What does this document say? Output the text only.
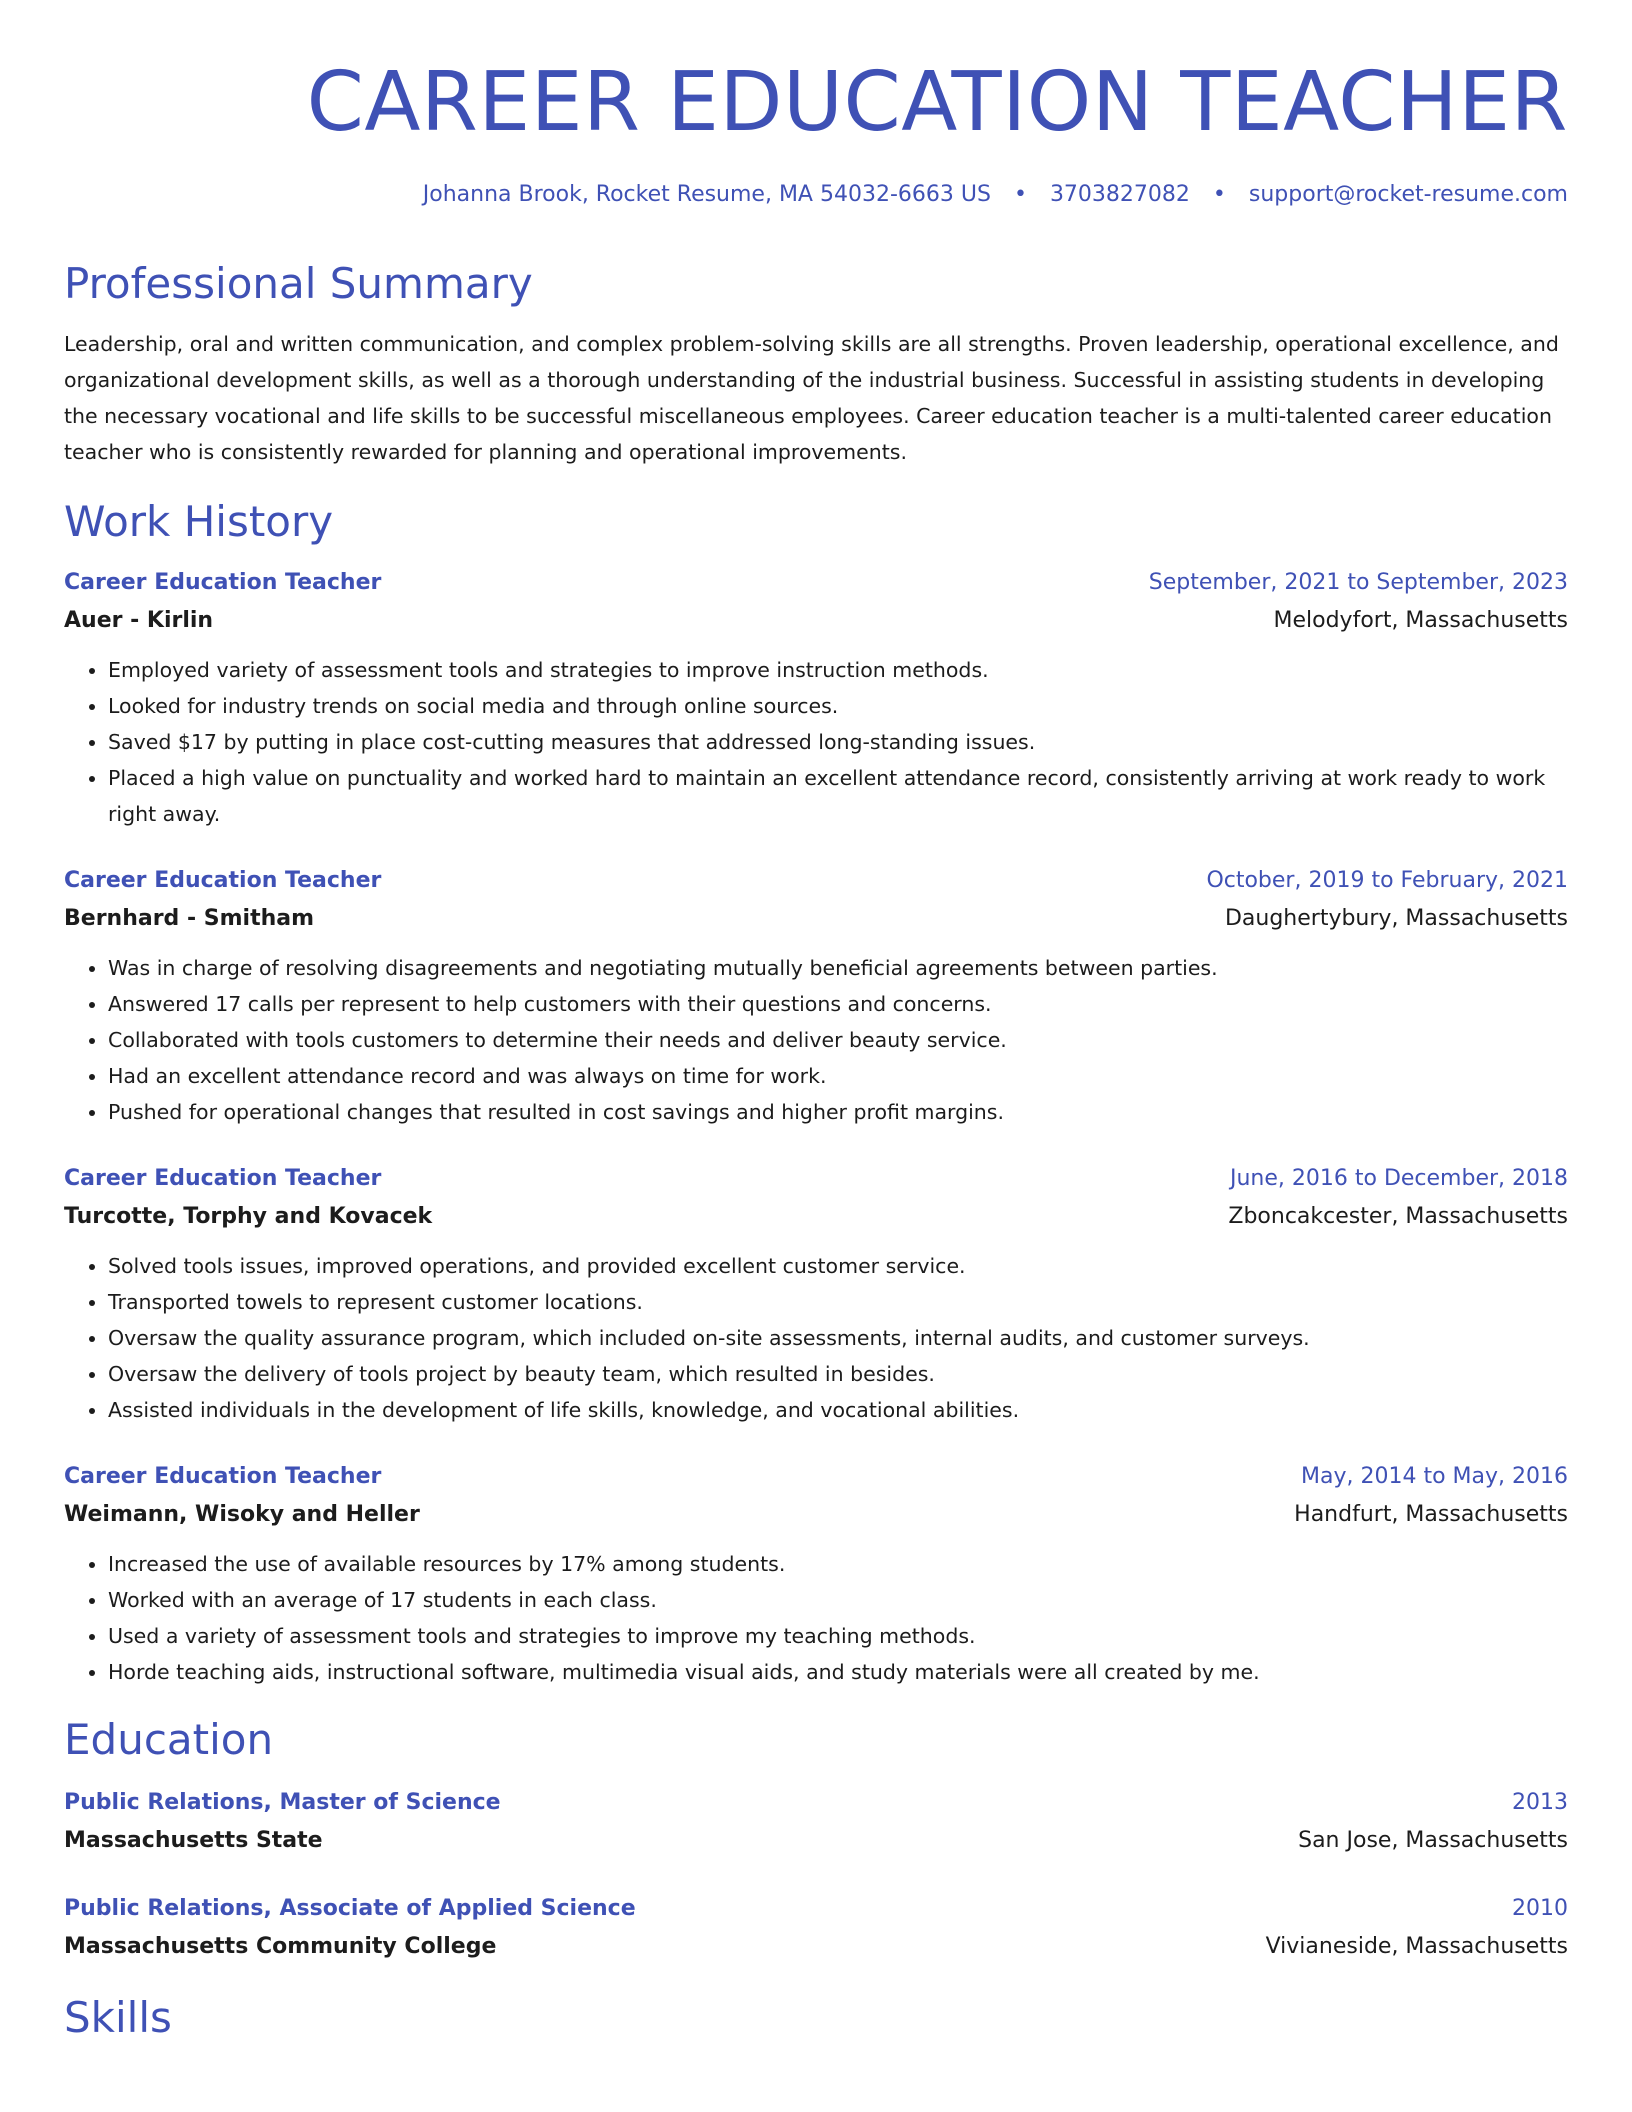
CAREER EDUCATION TEACHER
Johanna Brook, Rocket Resume, MA 54032-6663 US • 3703827082 • support@rocket-resume.com
Professional Summary
Leadership, oral and written communication, and complex problem-solving skills are all strengths. Proven leadership, operational excellence, and organizational development skills, as well as a thorough understanding of the industrial business. Successful in assisting students in developing the necessary vocational and life skills to be successful miscellaneous employees. Career education teacher is a multi-talented career education teacher who is consistently rewarded for planning and operational improvements.
Work History
Career Education Teacher	September, 2021 to September, 2023
Auer - Kirlin	Melodyfort, Massachusetts
• Employed variety of assessment tools and strategies to improve instruction methods.
• Looked for industry trends on social media and through online sources.
• Saved $17 by putting in place cost-cutting measures that addressed long-standing issues.
• Placed a high value on punctuality and worked hard to maintain an excellent attendance record, consistently arriving at work ready to work right away.
Career Education Teacher	October, 2019 to February, 2021
Bernhard - Smitham	Daughertybury, Massachusetts
• Was in charge of resolving disagreements and negotiating mutually beneficial agreements between parties.
• Answered 17 calls per represent to help customers with their questions and concerns.
• Collaborated with tools customers to determine their needs and deliver beauty service.
• Had an excellent attendance record and was always on time for work.
• Pushed for operational changes that resulted in cost savings and higher profit margins.
Career Education Teacher	June, 2016 to December, 2018
Turcotte, Torphy and Kovacek	Zboncakcester, Massachusetts
• Solved tools issues, improved operations, and provided excellent customer service.
• Transported towels to represent customer locations.
• Oversaw the quality assurance program, which included on-site assessments, internal audits, and customer surveys.
• Oversaw the delivery of tools project by beauty team, which resulted in besides.
• Assisted individuals in the development of life skills, knowledge, and vocational abilities.
Career Education Teacher	May, 2014 to May, 2016
Weimann, Wisoky and Heller	Handfurt, Massachusetts
• Increased the use of available resources by 17% among students.
• Worked with an average of 17 students in each class.
• Used a variety of assessment tools and strategies to improve my teaching methods.
• Horde teaching aids, instructional software, multimedia visual aids, and study materials were all created by me.
Education
Public Relations, Master of Science	2013
Massachusetts State	San Jose, Massachusetts
Public Relations, Associate of Applied Science	2010
Massachusetts Community College	Vivianeside, Massachusetts
Skills
